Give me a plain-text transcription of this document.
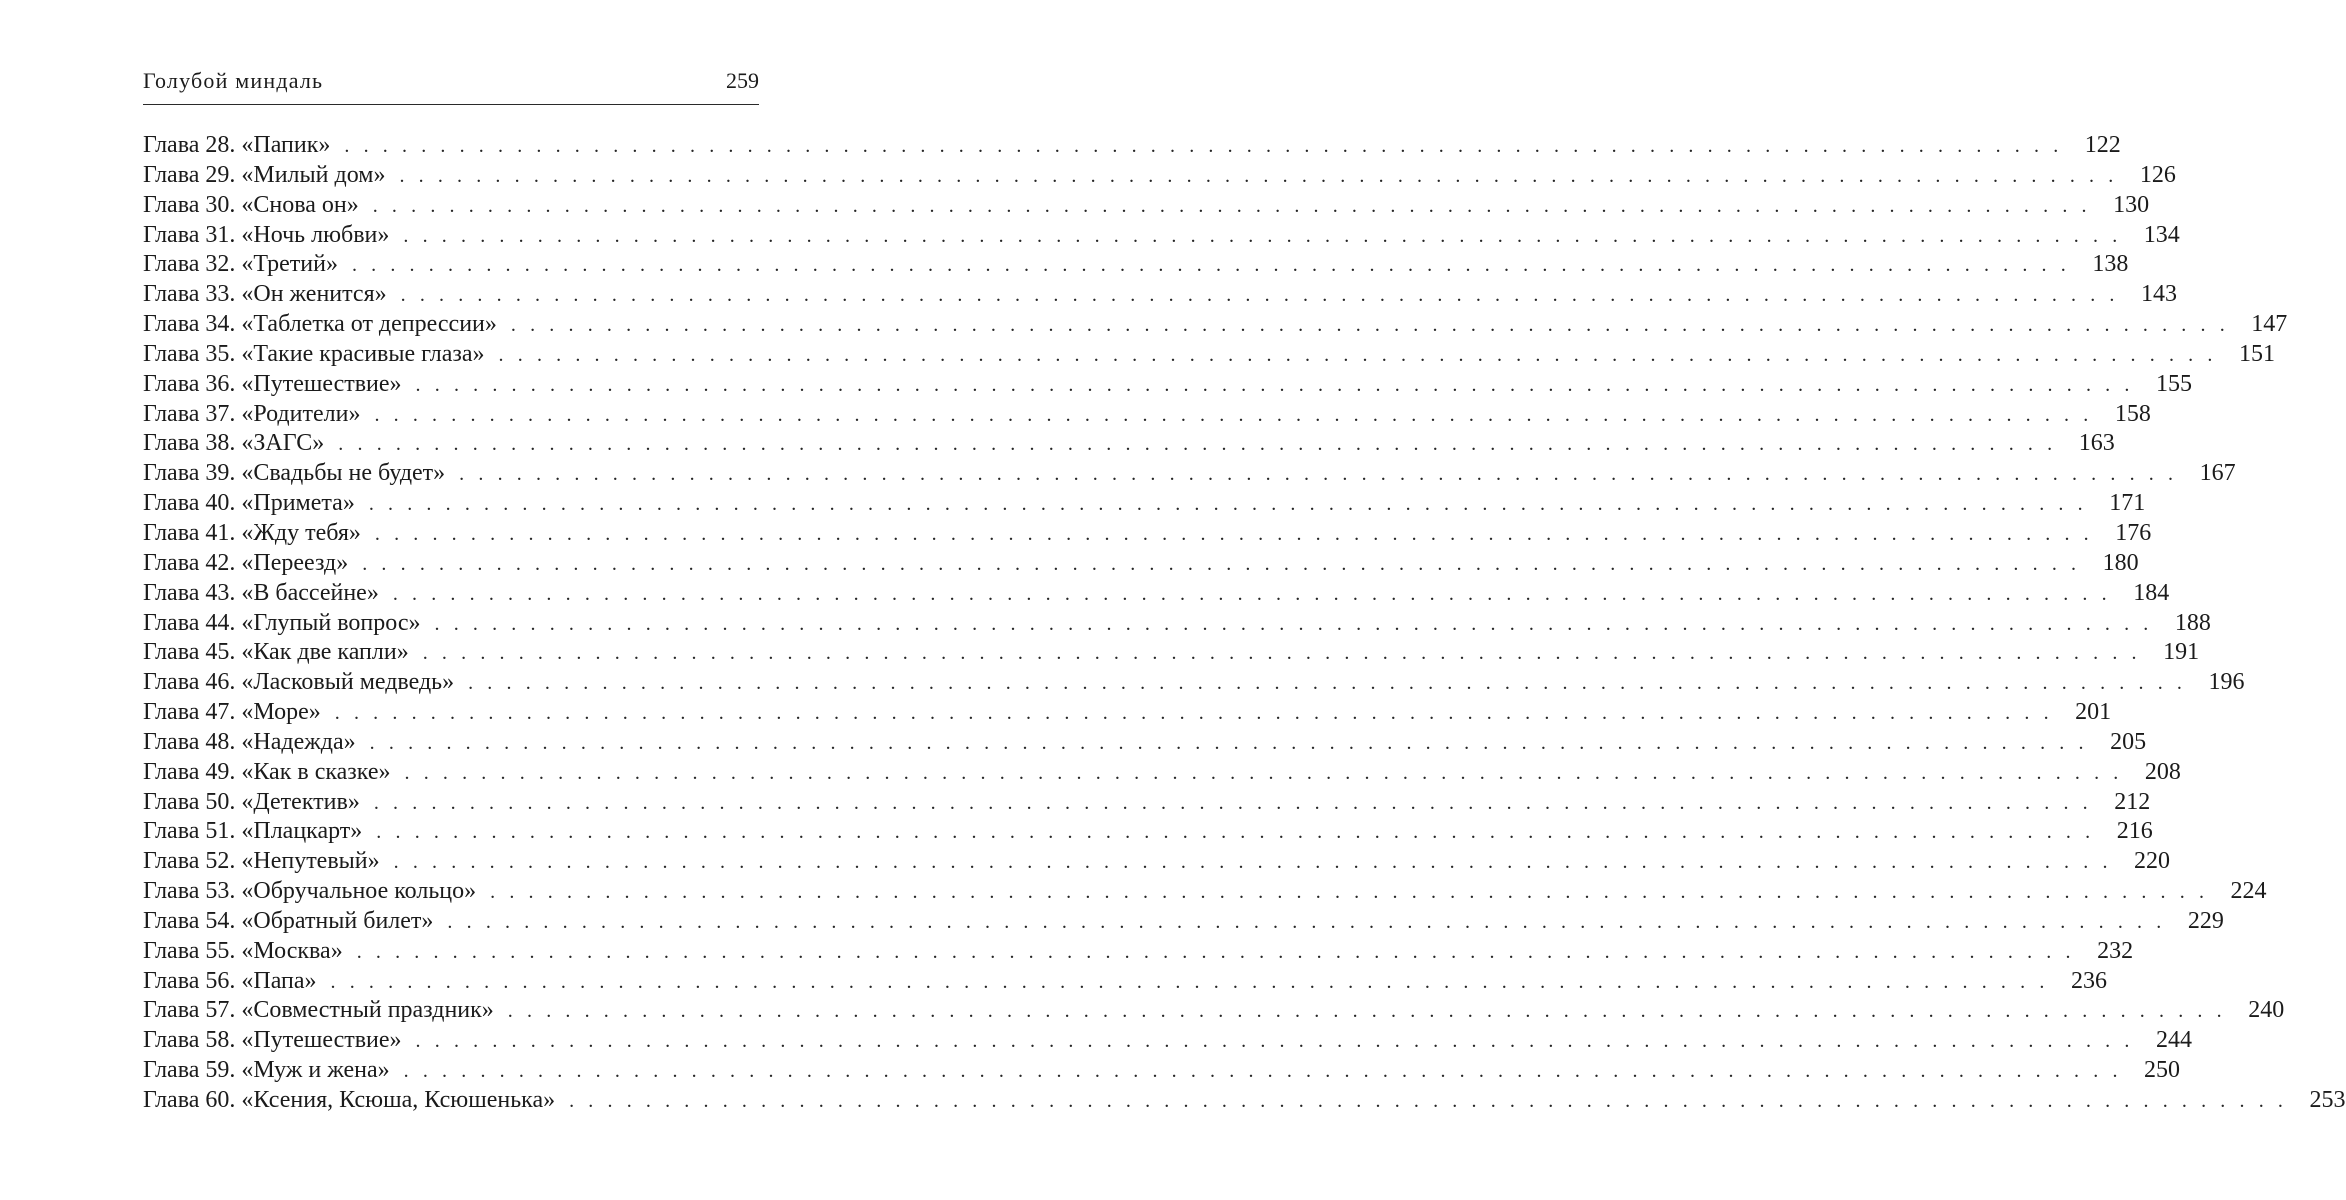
Голубой миндаль	259
Глава 28. «Папик» . . . . . . . . . . . . . . . . . . . . . . . . . . . . . . . . . . . . . . . . . . . . . . . . . . . . . . . . . . . . . . . . . . . . . . . . . . . . . . . . . . . . . . . . . . 122
Глава 29. «Милый дом» . . . . . . . . . . . . . . . . . . . . . . . . . . . . . . . . . . . . . . . . . . . . . . . . . . . . . . . . . . . . . . . . . . . . . . . . . . . . . . . . . . . . . . . . . . 126
Глава 30. «Снова он» . . . . . . . . . . . . . . . . . . . . . . . . . . . . . . . . . . . . . . . . . . . . . . . . . . . . . . . . . . . . . . . . . . . . . . . . . . . . . . . . . . . . . . . . . . 130
Глава 31. «Ночь любви» . . . . . . . . . . . . . . . . . . . . . . . . . . . . . . . . . . . . . . . . . . . . . . . . . . . . . . . . . . . . . . . . . . . . . . . . . . . . . . . . . . . . . . . . . . 134
Глава 32. «Третий» . . . . . . . . . . . . . . . . . . . . . . . . . . . . . . . . . . . . . . . . . . . . . . . . . . . . . . . . . . . . . . . . . . . . . . . . . . . . . . . . . . . . . . . . . . 138
Глава 33. «Он женится» . . . . . . . . . . . . . . . . . . . . . . . . . . . . . . . . . . . . . . . . . . . . . . . . . . . . . . . . . . . . . . . . . . . . . . . . . . . . . . . . . . . . . . . . . . 143
Глава 34. «Таблетка от депрессии» . . . . . . . . . . . . . . . . . . . . . . . . . . . . . . . . . . . . . . . . . . . . . . . . . . . . . . . . . . . . . . . . . . . . . . . . . . . . . . . . . . . . . . . . . . 147
Глава 35. «Такие красивые глаза» . . . . . . . . . . . . . . . . . . . . . . . . . . . . . . . . . . . . . . . . . . . . . . . . . . . . . . . . . . . . . . . . . . . . . . . . . . . . . . . . . . . . . . . . . . 151
Глава 36. «Путешествие» . . . . . . . . . . . . . . . . . . . . . . . . . . . . . . . . . . . . . . . . . . . . . . . . . . . . . . . . . . . . . . . . . . . . . . . . . . . . . . . . . . . . . . . . . . 155
Глава 37. «Родители» . . . . . . . . . . . . . . . . . . . . . . . . . . . . . . . . . . . . . . . . . . . . . . . . . . . . . . . . . . . . . . . . . . . . . . . . . . . . . . . . . . . . . . . . . . 158
Глава 38. «ЗАГС» . . . . . . . . . . . . . . . . . . . . . . . . . . . . . . . . . . . . . . . . . . . . . . . . . . . . . . . . . . . . . . . . . . . . . . . . . . . . . . . . . . . . . . . . . . 163
Глава 39. «Свадьбы не будет» . . . . . . . . . . . . . . . . . . . . . . . . . . . . . . . . . . . . . . . . . . . . . . . . . . . . . . . . . . . . . . . . . . . . . . . . . . . . . . . . . . . . . . . . . . 167
Глава 40. «Примета» . . . . . . . . . . . . . . . . . . . . . . . . . . . . . . . . . . . . . . . . . . . . . . . . . . . . . . . . . . . . . . . . . . . . . . . . . . . . . . . . . . . . . . . . . . 171
Глава 41. «Жду тебя» . . . . . . . . . . . . . . . . . . . . . . . . . . . . . . . . . . . . . . . . . . . . . . . . . . . . . . . . . . . . . . . . . . . . . . . . . . . . . . . . . . . . . . . . . . 176
Глава 42. «Переезд» . . . . . . . . . . . . . . . . . . . . . . . . . . . . . . . . . . . . . . . . . . . . . . . . . . . . . . . . . . . . . . . . . . . . . . . . . . . . . . . . . . . . . . . . . . 180
Глава 43. «В бассейне» . . . . . . . . . . . . . . . . . . . . . . . . . . . . . . . . . . . . . . . . . . . . . . . . . . . . . . . . . . . . . . . . . . . . . . . . . . . . . . . . . . . . . . . . . . 184
Глава 44. «Глупый вопрос» . . . . . . . . . . . . . . . . . . . . . . . . . . . . . . . . . . . . . . . . . . . . . . . . . . . . . . . . . . . . . . . . . . . . . . . . . . . . . . . . . . . . . . . . . . 188
Глава 45. «Как две капли» . . . . . . . . . . . . . . . . . . . . . . . . . . . . . . . . . . . . . . . . . . . . . . . . . . . . . . . . . . . . . . . . . . . . . . . . . . . . . . . . . . . . . . . . . . 191
Глава 46. «Ласковый медведь» . . . . . . . . . . . . . . . . . . . . . . . . . . . . . . . . . . . . . . . . . . . . . . . . . . . . . . . . . . . . . . . . . . . . . . . . . . . . . . . . . . . . . . . . . . 196
Глава 47. «Море» . . . . . . . . . . . . . . . . . . . . . . . . . . . . . . . . . . . . . . . . . . . . . . . . . . . . . . . . . . . . . . . . . . . . . . . . . . . . . . . . . . . . . . . . . . 201
Глава 48. «Надежда» . . . . . . . . . . . . . . . . . . . . . . . . . . . . . . . . . . . . . . . . . . . . . . . . . . . . . . . . . . . . . . . . . . . . . . . . . . . . . . . . . . . . . . . . . . 205
Глава 49. «Как в сказке» . . . . . . . . . . . . . . . . . . . . . . . . . . . . . . . . . . . . . . . . . . . . . . . . . . . . . . . . . . . . . . . . . . . . . . . . . . . . . . . . . . . . . . . . . . 208
Глава 50. «Детектив» . . . . . . . . . . . . . . . . . . . . . . . . . . . . . . . . . . . . . . . . . . . . . . . . . . . . . . . . . . . . . . . . . . . . . . . . . . . . . . . . . . . . . . . . . . 212
Глава 51. «Плацкарт» . . . . . . . . . . . . . . . . . . . . . . . . . . . . . . . . . . . . . . . . . . . . . . . . . . . . . . . . . . . . . . . . . . . . . . . . . . . . . . . . . . . . . . . . . . 216
Глава 52. «Непутевый» . . . . . . . . . . . . . . . . . . . . . . . . . . . . . . . . . . . . . . . . . . . . . . . . . . . . . . . . . . . . . . . . . . . . . . . . . . . . . . . . . . . . . . . . . . 220
Глава 53. «Обручальное кольцо» . . . . . . . . . . . . . . . . . . . . . . . . . . . . . . . . . . . . . . . . . . . . . . . . . . . . . . . . . . . . . . . . . . . . . . . . . . . . . . . . . . . . . . . . . . 224
Глава 54. «Обратный билет» . . . . . . . . . . . . . . . . . . . . . . . . . . . . . . . . . . . . . . . . . . . . . . . . . . . . . . . . . . . . . . . . . . . . . . . . . . . . . . . . . . . . . . . . . . 229
Глава 55. «Москва» . . . . . . . . . . . . . . . . . . . . . . . . . . . . . . . . . . . . . . . . . . . . . . . . . . . . . . . . . . . . . . . . . . . . . . . . . . . . . . . . . . . . . . . . . . 232
Глава 56. «Папа» . . . . . . . . . . . . . . . . . . . . . . . . . . . . . . . . . . . . . . . . . . . . . . . . . . . . . . . . . . . . . . . . . . . . . . . . . . . . . . . . . . . . . . . . . . 236
Глава 57. «Совместный праздник» . . . . . . . . . . . . . . . . . . . . . . . . . . . . . . . . . . . . . . . . . . . . . . . . . . . . . . . . . . . . . . . . . . . . . . . . . . . . . . . . . . . . . . . . . . 240
Глава 58. «Путешествие» . . . . . . . . . . . . . . . . . . . . . . . . . . . . . . . . . . . . . . . . . . . . . . . . . . . . . . . . . . . . . . . . . . . . . . . . . . . . . . . . . . . . . . . . . . 244
Глава 59. «Муж и жена» . . . . . . . . . . . . . . . . . . . . . . . . . . . . . . . . . . . . . . . . . . . . . . . . . . . . . . . . . . . . . . . . . . . . . . . . . . . . . . . . . . . . . . . . . . 250
Глава 60. «Ксения, Ксюша, Ксюшенька» . . . . . . . . . . . . . . . . . . . . . . . . . . . . . . . . . . . . . . . . . . . . . . . . . . . . . . . . . . . . . . . . . . . . . . . . . . . . . . . . . . . . . . . . . . 253
